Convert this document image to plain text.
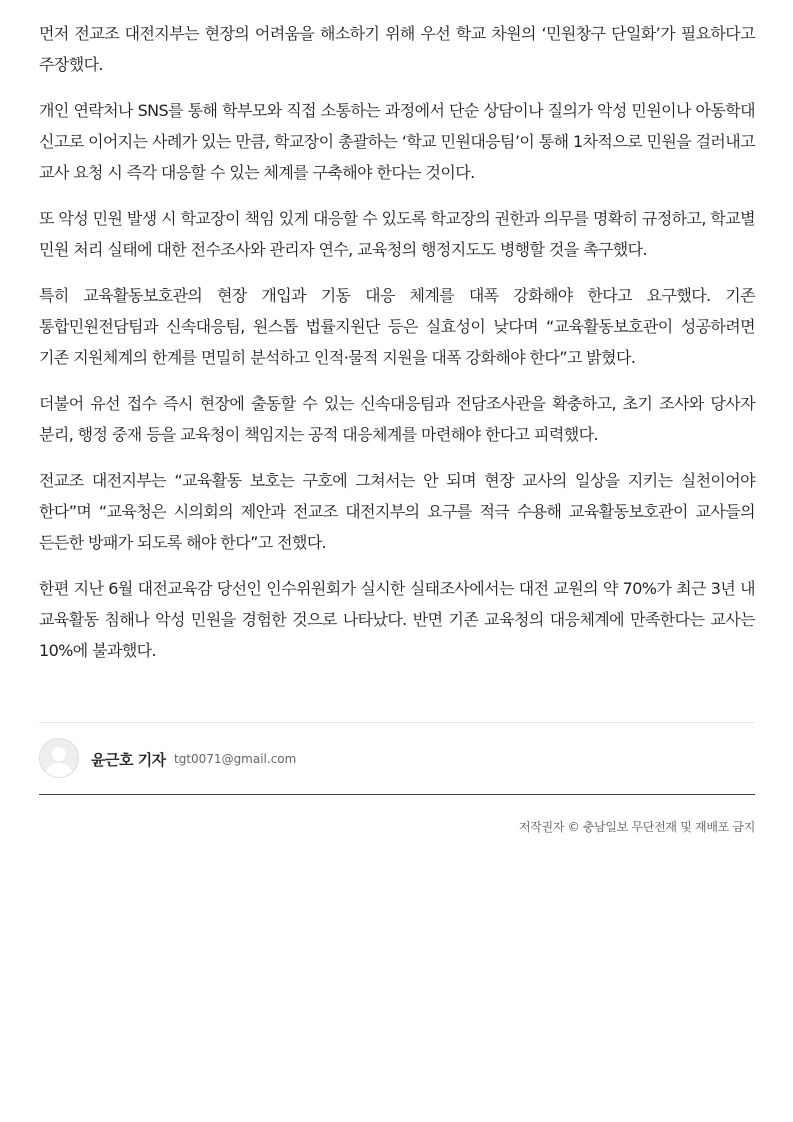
먼저 전교조 대전지부는 현장의 어려움을 해소하기 위해 우선 학교 차원의 ‘민원창구 단일화’가 필요하다고 주장했다.

개인 연락처나 SNS를 통해 학부모와 직접 소통하는 과정에서 단순 상담이나 질의가 악성 민원이나 아동학대 신고로 이어지는 사례가 있는 만큼, 학교장이 총괄하는 ‘학교 민원대응팀’이 통해 1차적으로 민원을 걸러내고 교사 요청 시 즉각 대응할 수 있는 체계를 구축해야 한다는 것이다.

또 악성 민원 발생 시 학교장이 책임 있게 대응할 수 있도록 학교장의 권한과 의무를 명확히 규정하고, 학교별 민원 처리 실태에 대한 전수조사와 관리자 연수, 교육청의 행정지도도 병행할 것을 촉구했다.

특히 교육활동보호관의 현장 개입과 기동 대응 체계를 대폭 강화해야 한다고 요구했다. 기존 통합민원전담팀과 신속대응팀, 원스톱 법률지원단 등은 실효성이 낮다며 “교육활동보호관이 성공하려면 기존 지원체계의 한계를 면밀히 분석하고 인적·물적 지원을 대폭 강화해야 한다”고 밝혔다.

더불어 유선 접수 즉시 현장에 출동할 수 있는 신속대응팀과 전담조사관을 확충하고, 초기 조사와 당사자 분리, 행정 중재 등을 교육청이 책임지는 공적 대응체계를 마련해야 한다고 피력했다.

전교조 대전지부는 “교육활동 보호는 구호에 그쳐서는 안 되며 현장 교사의 일상을 지키는 실천이어야 한다”며 “교육청은 시의회의 제안과 전교조 대전지부의 요구를 적극 수용해 교육활동보호관이 교사들의 든든한 방패가 되도록 해야 한다”고 전했다.

한편 지난 6월 대전교육감 당선인 인수위원회가 실시한 실태조사에서는 대전 교원의 약 70%가 최근 3년 내 교육활동 침해나 악성 민원을 경험한 것으로 나타났다. 반면 기존 교육청의 대응체계에 만족한다는 교사는 10%에 불과했다.

윤근호 기자 tgt0071@gmail.com
저작권자 © 충남일보 무단전재 및 재배포 금지
